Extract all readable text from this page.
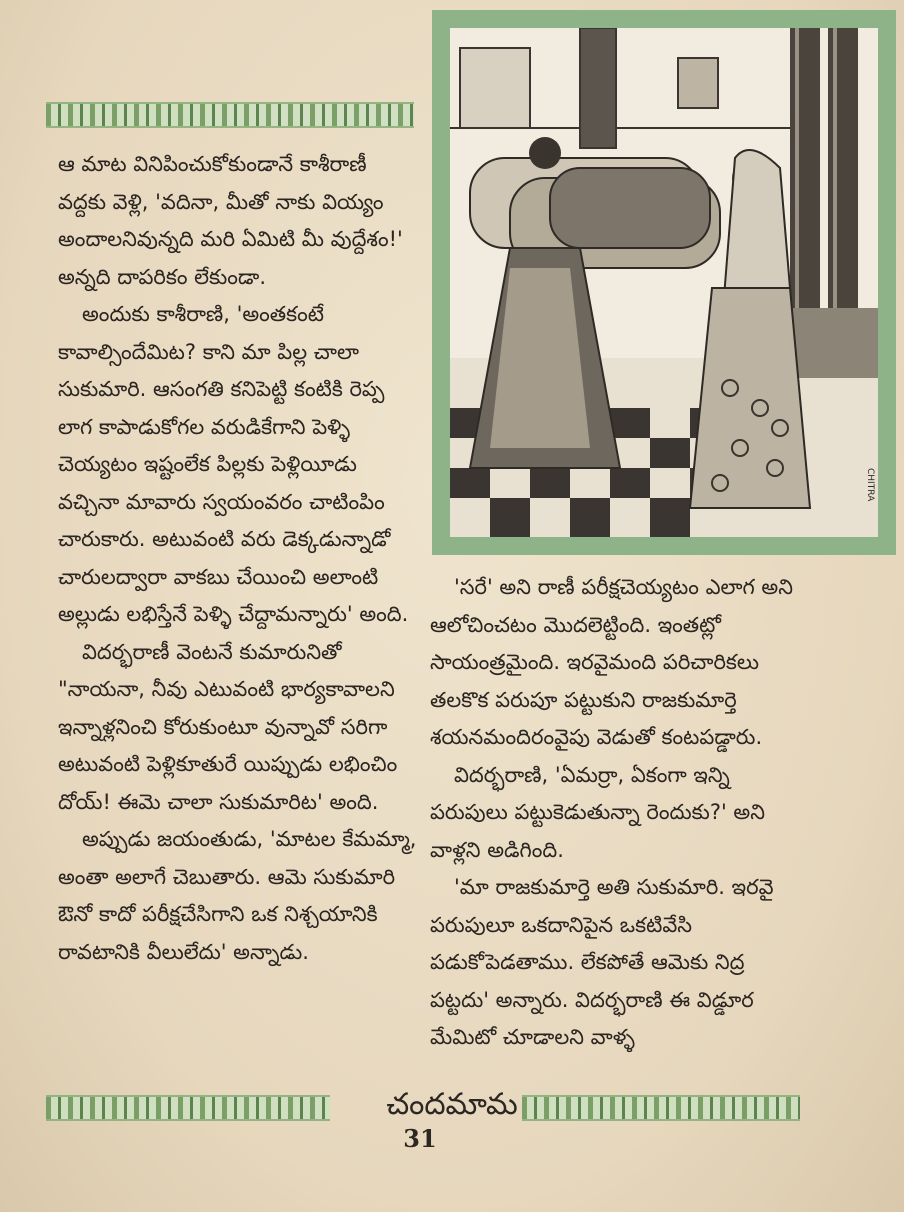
CHITRA

ఆ మాట వినిపించుకోకుండానే కాశీరాణీ వద్దకు వెళ్లి, 'వదినా, మీతో నాకు వియ్యం అందాలనివున్నది మరి ఏమిటి మీ వుద్దేశం!' అన్నది దాపరికం లేకుండా.

అందుకు కాశీరాణి, 'అంతకంటే కావాల్సిందేమిట? కాని మా పిల్ల చాలా సుకుమారి. ఆసంగతి కనిపెట్టి కంటికి రెప్ప లాగ కాపాడుకోగల వరుడికేగాని పెళ్ళి చెయ్యటం ఇష్టంలేక పిల్లకు పెళ్లియీడు వచ్చినా మావారు స్వయంవరం చాటింపిం చారుకారు. అటువంటి వరు డెక్కడున్నాడో చారులద్వారా వాకబు చేయించి అలాంటి అల్లుడు లభిస్తేనే పెళ్ళి చేద్దామన్నారు' అంది.

విదర్భరాణీ వెంటనే కుమారునితో "నాయనా, నీవు ఎటువంటి భార్యకావాలని ఇన్నాళ్లనించి కోరుకుంటూ వున్నావో సరిగా అటువంటి పెళ్లికూతురే యిప్పుడు లభించిం దోయ్! ఈమె చాలా సుకుమారిట' అంది.

అప్పుడు జయంతుడు, 'మాటల కేమమ్మా, అంతా అలాగే చెబుతారు. ఆమె సుకుమారి ఔనో కాదో పరీక్షచేసిగాని ఒక నిశ్చయానికి రావటానికి వీలులేదు' అన్నాడు.

'సరే' అని రాణీ పరీక్షచెయ్యటం ఎలాగ అని ఆలోచించటం మొదలెట్టింది. ఇంతట్లో సాయంత్రమైంది. ఇరవైమంది పరిచారికలు తలకొక పరుపూ పట్టుకుని రాజకుమార్తె శయనమందిరంవైపు వెడుతో కంటపడ్డారు.

విదర్భరాణి, 'ఏమర్రా, ఏకంగా ఇన్ని పరుపులు పట్టుకెడుతున్నా రెందుకు?' అని వాళ్లని అడిగింది.

'మా రాజకుమార్తె అతి సుకుమారి. ఇరవై పరుపులూ ఒకదానిపైన ఒకటివేసి పడుకోపెడతాము. లేకపోతే ఆమెకు నిద్ర పట్టదు' అన్నారు. విదర్భరాణి ఈ విడ్డూర మేమిటో చూడాలని వాళ్ళ

చందమామ
31
